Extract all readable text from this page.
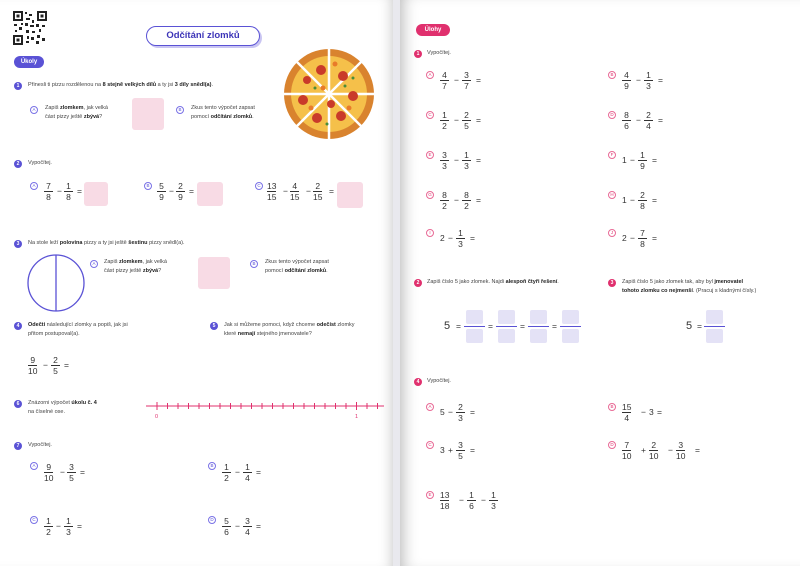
Odčítání zlomků
Úkoly
1	Přinesli ti pizzu rozdělenou na 8 stejně velkých dílů a ty jsi 3 díly snědl(a).
A	Zapiš zlomkem, jak velká
část pizzy ještě zbývá?
B	Zkus tento výpočet zapsat
pomocí odčítání zlomků.
2	Vypočítej.
A 7
8
− 1
8
=
B 5
9
− 2
9
=
C 13
15
− 4
15
− 2
15
=
3	Na stole leží polovina pizzy a ty jsi ještě šestinu pizzy snědl(a).
A	Zapiš zlomkem, jak velká
část pizzy ještě zbývá?
B	Zkus tento výpočet zapsat
pomocí odčítání zlomků.
4	Odečti následující zlomky a popiš, jak jsi
přitom postupoval(a).
9
10
− 2
5
=
5	Jak si můžeme pomoci, když chceme odečíst zlomky
které nemají stejného jmenovatele?
6	Znázorni výpočet úkolu č. 4
na číselné ose.
0	1
7	Vypočítej.
A 9
10
− 3
5
=
B 1
2
− 1
4
=
C 1
2
− 1
3
=
D 5
6
− 3
4
=
Úlohy
1	Vypočítej.
A 4
7
− 3
7
=
C 1
2
− 2
5
=
E 3
3
− 1
3
=
G 8
2
− 8
2
=
I
2 − 1
3
=
B 4
9
− 1
3
=
D 8
6
− 2
4
=
F
1 − 1
9
=
H
1 − 2
8
=
J
2 − 7
8
=
2	Zapiš číslo 5 jako zlomek. Najdi alespoň čtyři řešení.
5 =	=	=	=
3	Zapiš číslo 5 jako zlomek tak, aby byl jmenovatel
tohoto zlomku co nejmenší. (Pracuj s kladnými čísly.)
5 =
4	Vypočítej.
A
5 − 2
3
=
B 15
4
− 3 =
C
3 + 3
5
=
D 7
10
+ 2
10
− 3
10
=
E 13
18
− 1
6
− 1
3
